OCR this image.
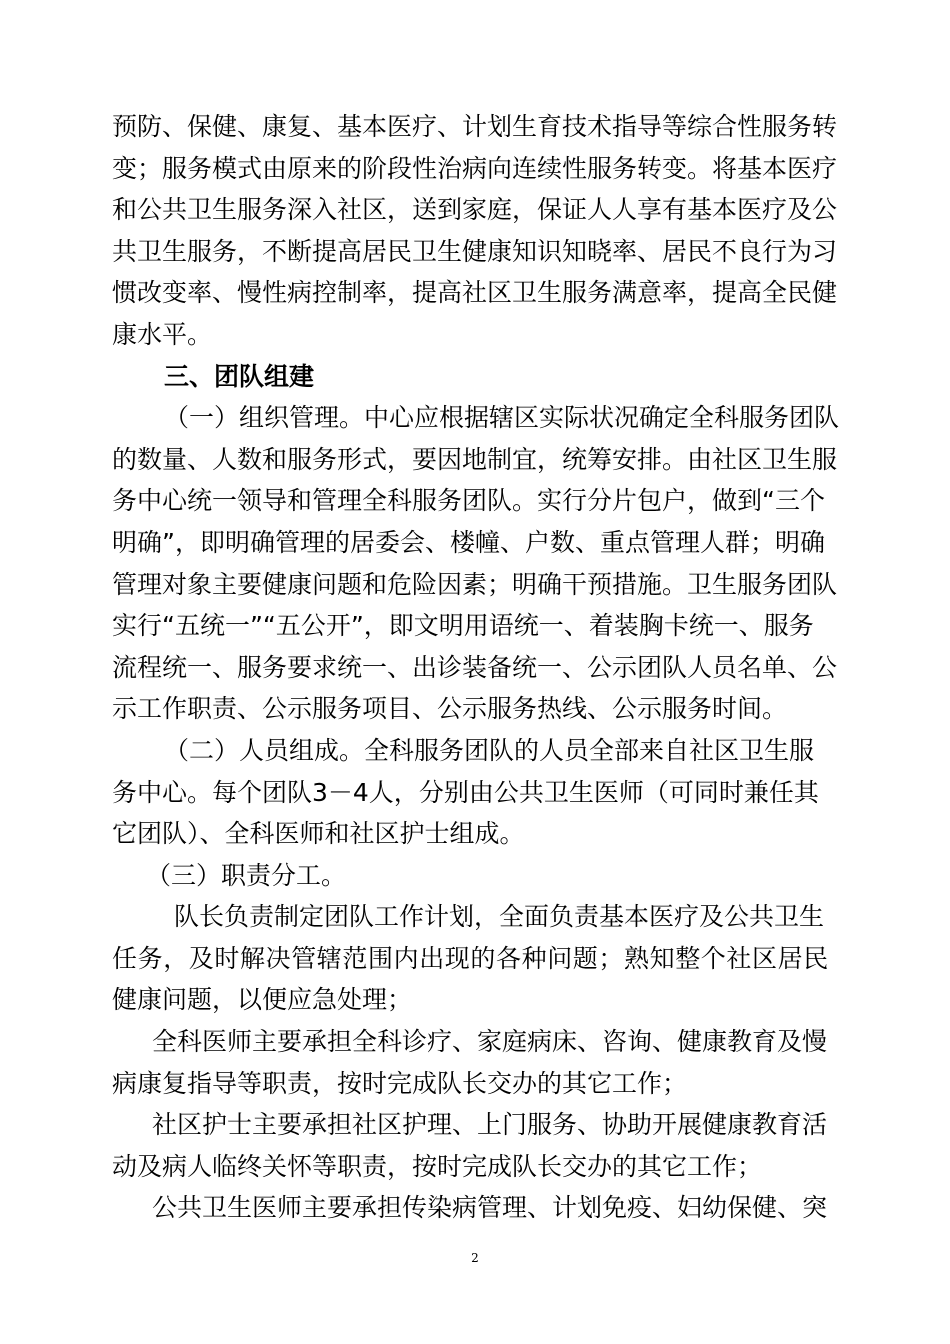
预防、保健、康复、基本医疗、计划生育技术指导等综合性服务转
变；服务模式由原来的阶段性治病向连续性服务转变。将基本医疗
和公共卫生服务深入社区，送到家庭，保证人人享有基本医疗及公
共卫生服务，不断提高居民卫生健康知识知晓率、居民不良行为习
惯改变率、慢性病控制率，提高社区卫生服务满意率，提高全民健
康水平。
三、团队组建
（一）组织管理。中心应根据辖区实际状况确定全科服务团队
的数量、人数和服务形式，要因地制宜，统筹安排。由社区卫生服
务中心统一领导和管理全科服务团队。实行分片包户，做到“三个
明确”，即明确管理的居委会、楼幢、户数、重点管理人群；明确
管理对象主要健康问题和危险因素；明确干预措施。卫生服务团队
实行“五统一”“五公开”，即文明用语统一、着装胸卡统一、服务
流程统一、服务要求统一、出诊装备统一、公示团队人员名单、公
示工作职责、公示服务项目、公示服务热线、公示服务时间。
（二）人员组成。全科服务团队的人员全部来自社区卫生服
务中心。每个团队3－4人，分别由公共卫生医师（可同时兼任其
它团队）、全科医师和社区护士组成。
（三）职责分工。
队长负责制定团队工作计划，全面负责基本医疗及公共卫生
任务，及时解决管辖范围内出现的各种问题；熟知整个社区居民
健康问题，以便应急处理；
全科医师主要承担全科诊疗、家庭病床、咨询、健康教育及慢
病康复指导等职责，按时完成队长交办的其它工作；
社区护士主要承担社区护理、上门服务、协助开展健康教育活
动及病人临终关怀等职责，按时完成队长交办的其它工作；
公共卫生医师主要承担传染病管理、计划免疫、妇幼保健、突
2
